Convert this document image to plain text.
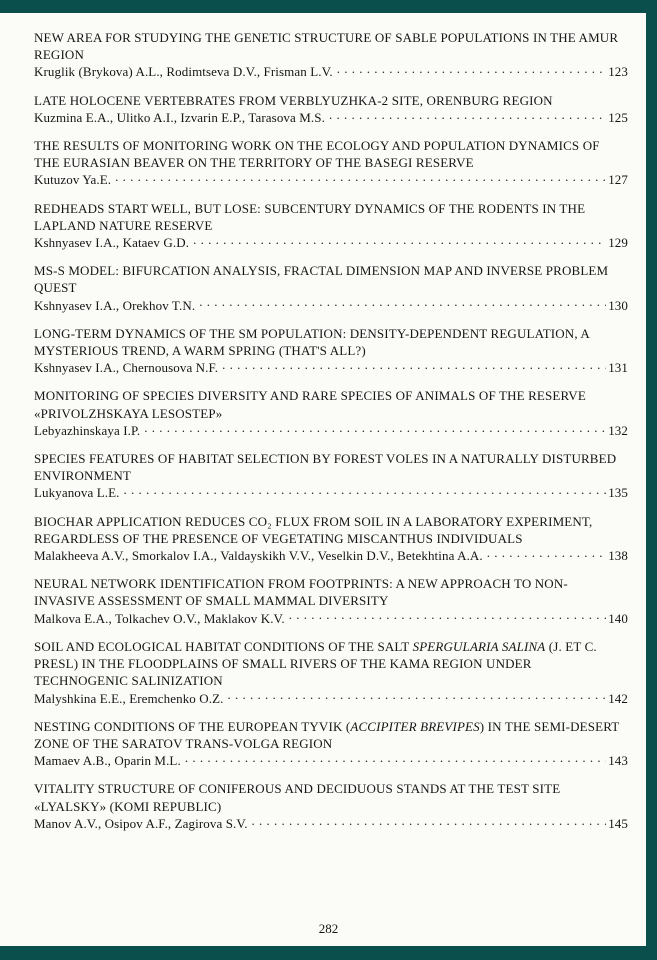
NEW AREA FOR STUDYING THE GENETIC STRUCTURE OF SABLE POPULATIONS IN THE AMUR REGION
Kruglik (Brykova) A.L., Rodimtseva D.V., Frisman L.V. . . .	123
LATE HOLOCENE VERTEBRATES FROM VERBLYUZHKA-2 SITE, ORENBURG REGION
Kuzmina E.A., Ulitko A.I., Izvarin E.P., Tarasova M.S. . . .	125
THE RESULTS OF MONITORING WORK ON THE ECOLOGY AND POPULATION DYNAMICS OF THE EURASIAN BEAVER ON THE TERRITORY OF THE BASEGI RESERVE
Kutuzov Ya.E. . . .	127
REDHEADS START WELL, BUT LOSE: SUBCENTURY DYNAMICS OF THE RODENTS IN THE LAPLAND NATURE RESERVE
Kshnyasev I.A., Kataev G.D. . . .	129
MS-S MODEL: BIFURCATION ANALYSIS, FRACTAL DIMENSION MAP AND INVERSE PROBLEM QUEST
Kshnyasev I.A., Orekhov T.N. . . .	130
LONG-TERM DYNAMICS OF THE SM POPULATION: DENSITY-DEPENDENT REGULATION, A MYSTERIOUS TREND, A WARM SPRING (THAT'S ALL?)
Kshnyasev I.A., Chernousova N.F. . . .	131
MONITORING OF SPECIES DIVERSITY AND RARE SPECIES OF ANIMALS OF THE RESERVE «PRIVOLZHSKAYA LESOSTEP»
Lebyazhinskaya I.P. . . .	132
SPECIES FEATURES OF HABITAT SELECTION BY FOREST VOLES IN A NATURALLY DISTURBED ENVIRONMENT
Lukyanova L.E. . . .	135
BIOCHAR APPLICATION REDUCES CO₂ FLUX FROM SOIL IN A LABORATORY EXPERIMENT, REGARDLESS OF THE PRESENCE OF VEGETATING MISCANTHUS INDIVIDUALS
Malakheeva A.V., Smorkalov I.A., Valdayskikh V.V., Veselkin D.V., Betekhtina A.A. . . .	138
NEURAL NETWORK IDENTIFICATION FROM FOOTPRINTS: A NEW APPROACH TO NON-INVASIVE ASSESSMENT OF SMALL MAMMAL DIVERSITY
Malkova E.A., Tolkachev O.V., Maklakov K.V. . . .	140
SOIL AND ECOLOGICAL HABITAT CONDITIONS OF THE SALT SPERGULARIA SALINA (J. ET C. PRESL) IN THE FLOODPLAINS OF SMALL RIVERS OF THE KAMA REGION UNDER TECHNOGENIC SALINIZATION
Malyshkina E.E., Eremchenko O.Z. . . .	142
NESTING CONDITIONS OF THE EUROPEAN TYVIK (ACCIPITER BREVIPES) IN THE SEMI-DESERT ZONE OF THE SARATOV TRANS-VOLGA REGION
Mamaev A.B., Oparin M.L. . . .	143
VITALITY STRUCTURE OF CONIFEROUS AND DECIDUOUS STANDS AT THE TEST SITE «LYALSKY» (KOMI REPUBLIC)
Manov A.V., Osipov A.F., Zagirova S.V. . . .	145
282
